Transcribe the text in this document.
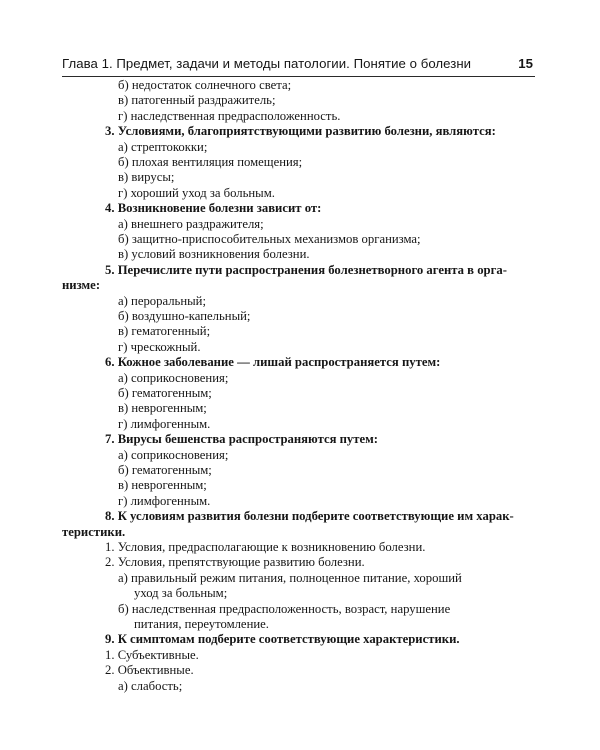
Глава 1. Предмет, задачи и методы патологии. Понятие о болезни	15
б) недостаток солнечного света;
в) патогенный раздражитель;
г) наследственная предрасположенность.
3. Условиями, благоприятствующими развитию болезни, являются:
а) стрептококки;
б) плохая вентиляция помещения;
в) вирусы;
г) хороший уход за больным.
4. Возникновение болезни зависит от:
а) внешнего раздражителя;
б) защитно-приспособительных механизмов организма;
в) условий возникновения болезни.
5. Перечислите пути распространения болезнетворного агента в орга-
низме:
а) пероральный;
б) воздушно-капельный;
в) гематогенный;
г) чрескожный.
6. Кожное заболевание — лишай распространяется путем:
а) соприкосновения;
б) гематогенным;
в) неврогенным;
г) лимфогенным.
7. Вирусы бешенства распространяются путем:
а) соприкосновения;
б) гематогенным;
в) неврогенным;
г) лимфогенным.
8. К условиям развития болезни подберите соответствующие им харак-
теристики.
1. Условия, предрасполагающие к возникновению болезни.
2. Условия, препятствующие развитию болезни.
а) правильный режим питания, полноценное питание, хороший
уход за больным;
б) наследственная предрасположенность, возраст, нарушение
питания, переутомление.
9. К симптомам подберите соответствующие характеристики.
1. Субъективные.
2. Объективные.
а) слабость;
